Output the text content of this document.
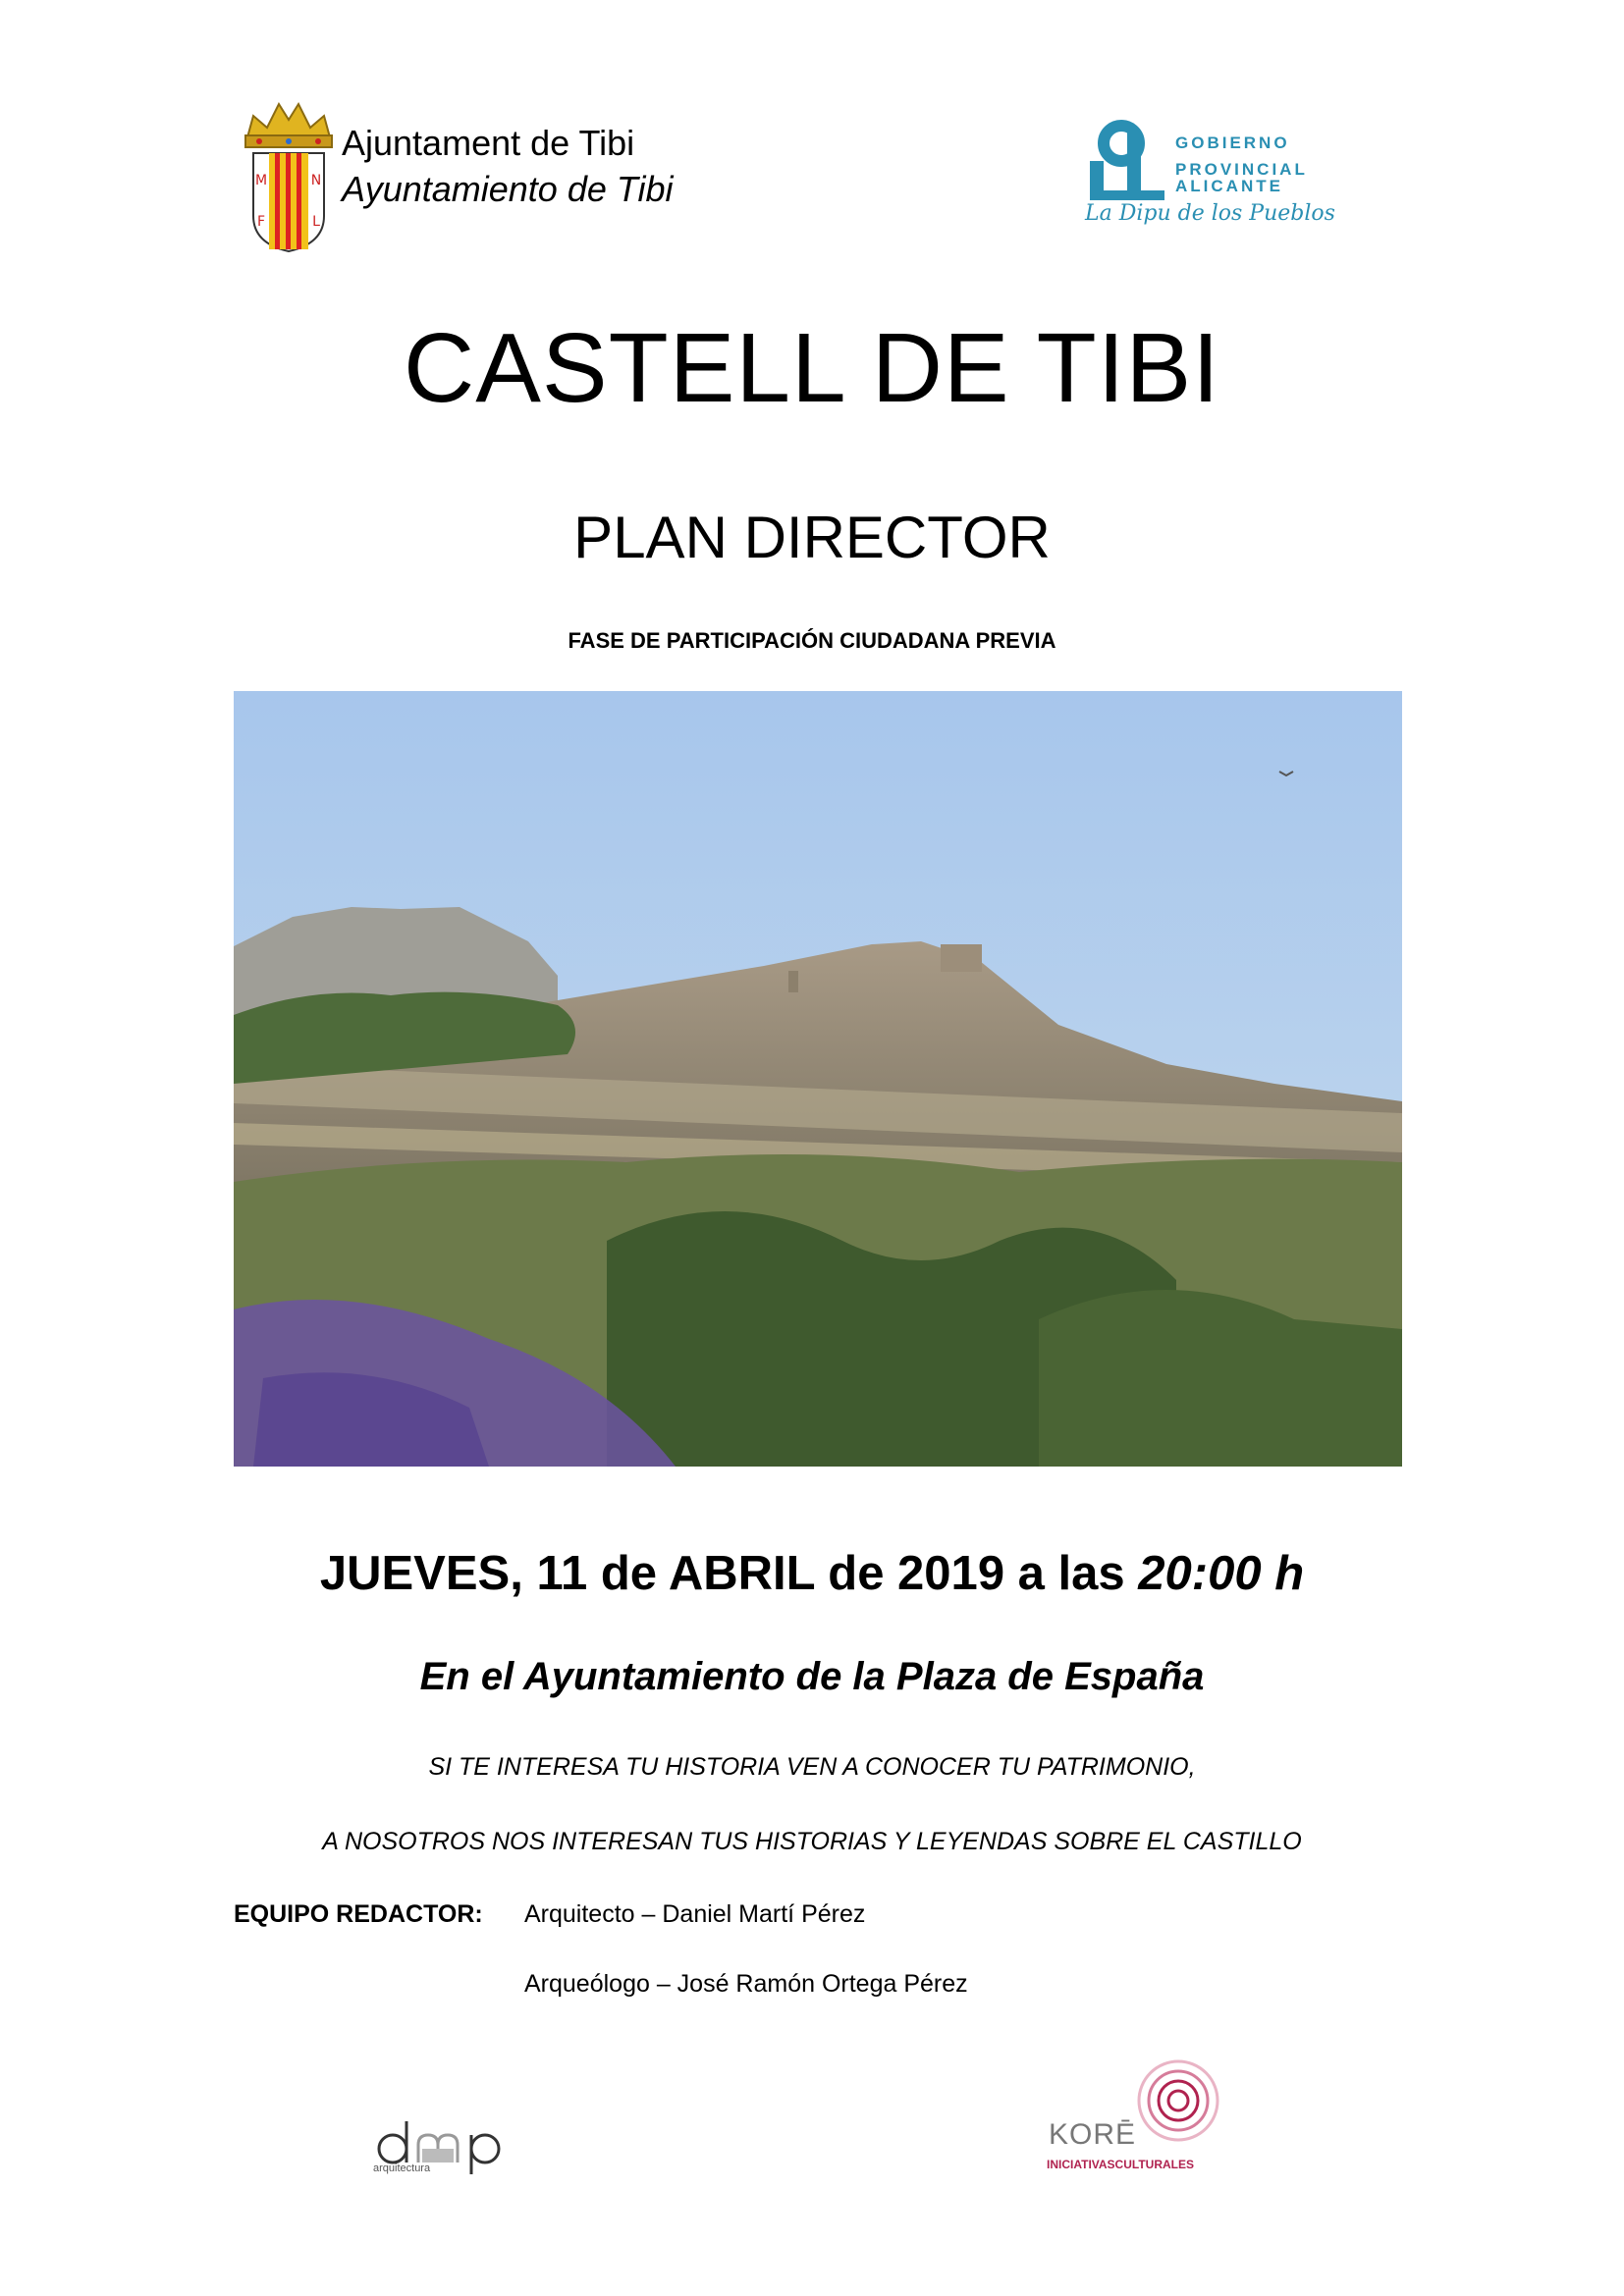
M	N
F	L
Ajuntament de Tibi
Ayuntamiento de Tibi
GOBIERNO
PROVINCIAL
ALICANTE
La Dipu de los Pueblos
CASTELL DE TIBI
PLAN DIRECTOR
FASE DE PARTICIPACIÓN CIUDADANA PREVIA
JUEVES, 11 de ABRIL de 2019 a las 20:00 h
En el Ayuntamiento de la Plaza de España
SI TE INTERESA TU HISTORIA VEN A CONOCER TU PATRIMONIO,
A NOSOTROS NOS INTERESAN TUS HISTORIAS Y LEYENDAS SOBRE EL CASTILLO
EQUIPO REDACTOR: Arquitecto – Daniel Martí Pérez
Arqueólogo – José Ramón Ortega Pérez
arquitectura
KORĒ
INICIATIVASCULTURALES
